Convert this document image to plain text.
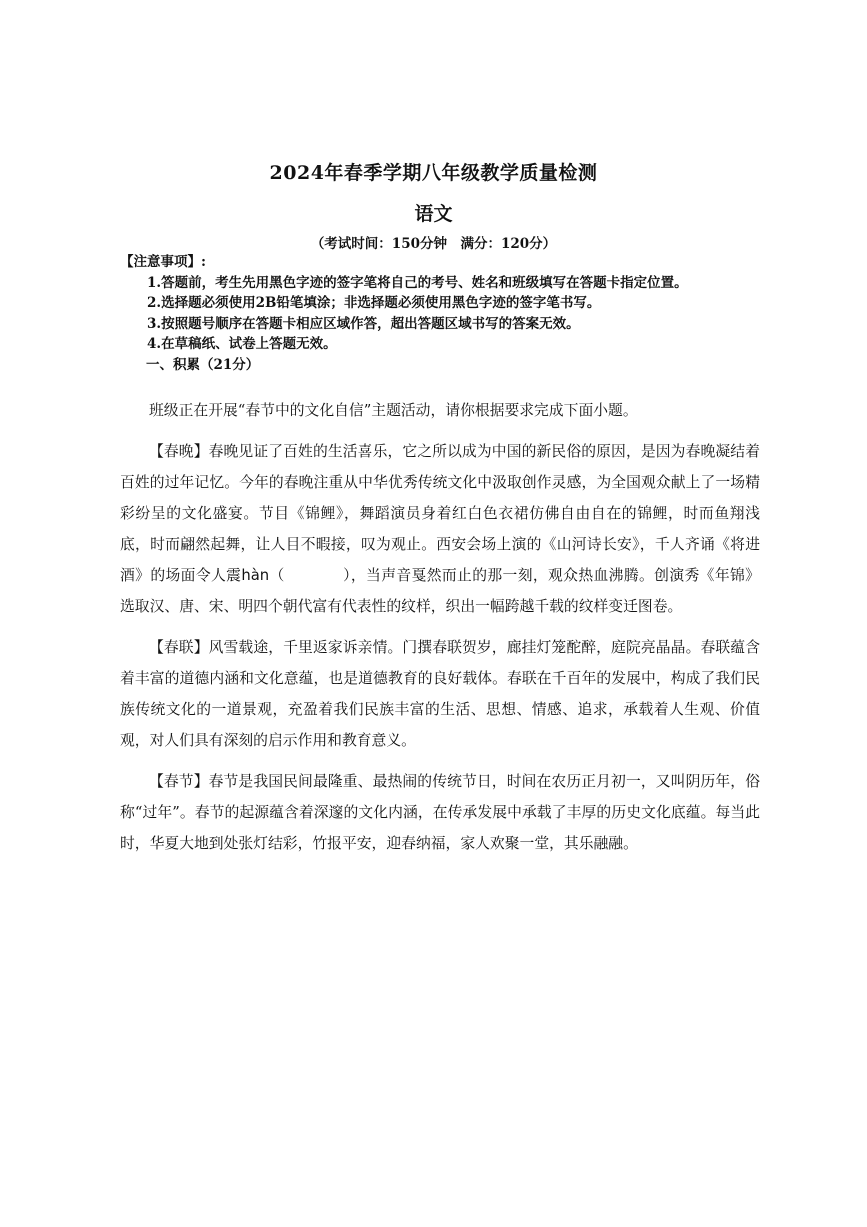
2024年春季学期八年级教学质量检测
语文
（考试时间：150分钟　满分：120分）
【注意事项】:
1.答题前，考生先用黑色字迹的签字笔将自己的考号、姓名和班级填写在答题卡指定位置。
2.选择题必须使用2B铅笔填涂；非选择题必须使用黑色字迹的签字笔书写。
3.按照题号顺序在答题卡相应区域作答，超出答题区域书写的答案无效。
4.在草稿纸、试卷上答题无效。
一、积累（21分）

班级正在开展“春节中的文化自信”主题活动，请你根据要求完成下面小题。

【春晚】春晚见证了百姓的生活喜乐，它之所以成为中国的新民俗的原因，是因为春晚凝结着百姓的过年记忆。今年的春晚注重从中华优秀传统文化中汲取创作灵感，为全国观众献上了一场精彩纷呈的文化盛宴。节目《锦鲤》，舞蹈演员身着红白色衣裙仿佛自由自在的锦鲤，时而鱼翔浅底，时而翩然起舞，让人目不暇接，叹为观止。西安会场上演的《山河诗长安》，千人齐诵《将进酒》的场面令人震hàn（	），当声音戛然而止的那一刻，观众热血沸腾。创演秀《年锦》选取汉、唐、宋、明四个朝代富有代表性的纹样，织出一幅跨越千载的纹样变迁图卷。

【春联】风雪载途，千里返家诉亲情。门撰春联贺岁，廊挂灯笼酡醉，庭院亮晶晶。春联蕴含着丰富的道德内涵和文化意蕴，也是道德教育的良好载体。春联在千百年的发展中，构成了我们民族传统文化的一道景观，充盈着我们民族丰富的生活、思想、情感、追求，承载着人生观、价值观，对人们具有深刻的启示作用和教育意义。

【春节】春节是我国民间最隆重、最热闹的传统节日，时间在农历正月初一，又叫阴历年，俗称“过年”。春节的起源蕴含着深邃的文化内涵，在传承发展中承载了丰厚的历史文化底蕴。每当此时，华夏大地到处张灯结彩，竹报平安，迎春纳福，家人欢聚一堂，其乐融融。
